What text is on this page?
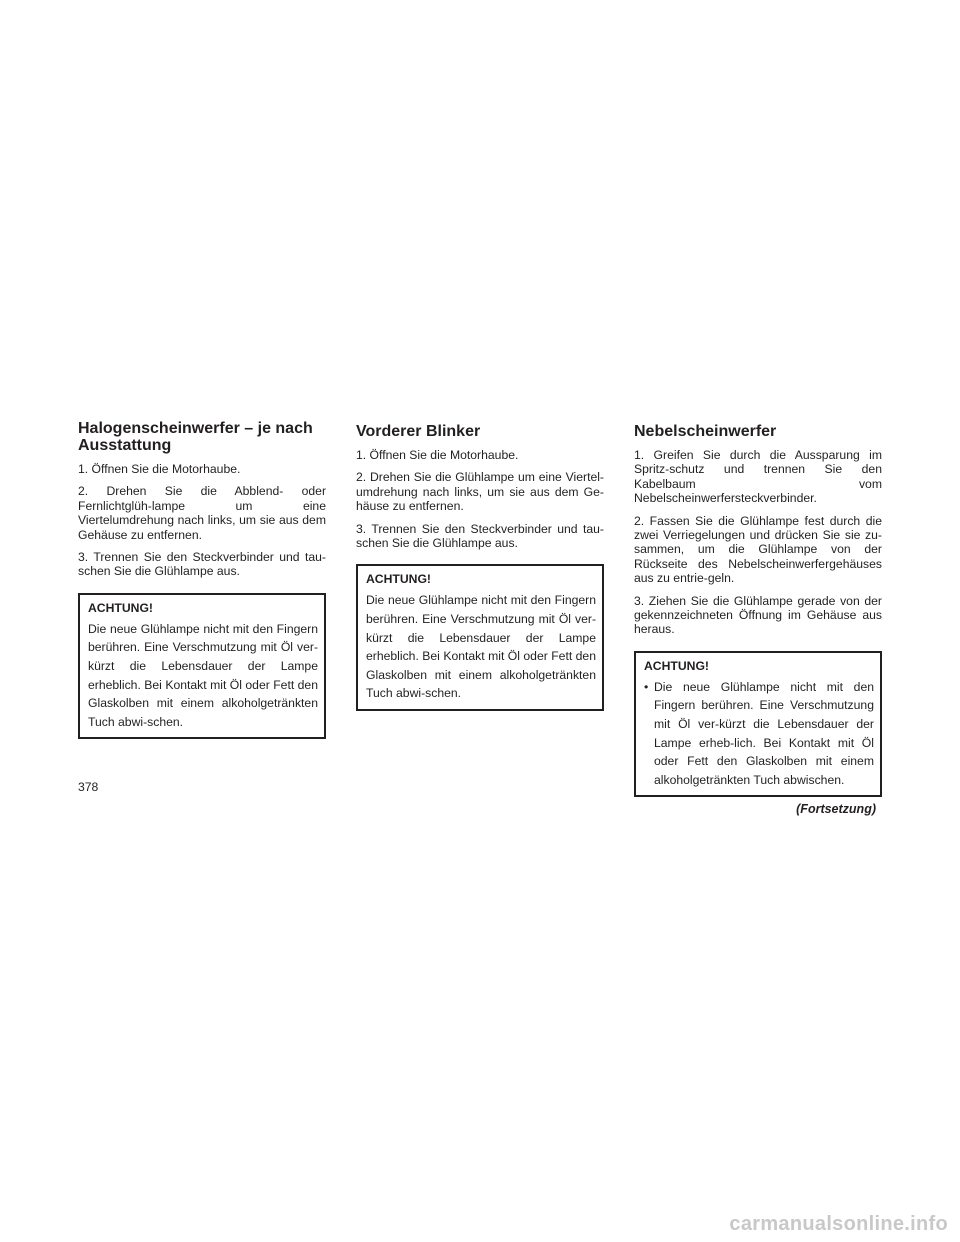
Halogenscheinwerfer – je nach Ausstattung

1. Öffnen Sie die Motorhaube.

2. Drehen Sie die Abblend- oder Fernlichtglüh-lampe um eine Viertelumdrehung nach links, um sie aus dem Gehäuse zu entfernen.

3. Trennen Sie den Steckverbinder und tau-schen Sie die Glühlampe aus.

ACHTUNG!
Die neue Glühlampe nicht mit den Fingern berühren. Eine Verschmutzung mit Öl ver-kürzt die Lebensdauer der Lampe erheblich. Bei Kontakt mit Öl oder Fett den Glaskolben mit einem alkoholgetränkten Tuch abwi-schen.
Vorderer Blinker

1. Öffnen Sie die Motorhaube.

2. Drehen Sie die Glühlampe um eine Viertel-umdrehung nach links, um sie aus dem Ge-häuse zu entfernen.

3. Trennen Sie den Steckverbinder und tau-schen Sie die Glühlampe aus.

ACHTUNG!
Die neue Glühlampe nicht mit den Fingern berühren. Eine Verschmutzung mit Öl ver-kürzt die Lebensdauer der Lampe erheblich. Bei Kontakt mit Öl oder Fett den Glaskolben mit einem alkoholgetränkten Tuch abwi-schen.
Nebelscheinwerfer

1. Greifen Sie durch die Aussparung im Spritz-schutz und trennen Sie den Kabelbaum vom Nebelscheinwerfersteckverbinder.

2. Fassen Sie die Glühlampe fest durch die zwei Verriegelungen und drücken Sie sie zu-sammen, um die Glühlampe von der Rückseite des Nebelscheinwerfergehäuses aus zu entrie-geln.

3. Ziehen Sie die Glühlampe gerade von der gekennzeichneten Öffnung im Gehäuse aus heraus.

ACHTUNG!
• Die neue Glühlampe nicht mit den Fingern berühren. Eine Verschmutzung mit Öl ver-kürzt die Lebensdauer der Lampe erheb-lich. Bei Kontakt mit Öl oder Fett den Glaskolben mit einem alkoholgetränkten Tuch abwischen.
(Fortsetzung)
378
carmanualsonline.info
